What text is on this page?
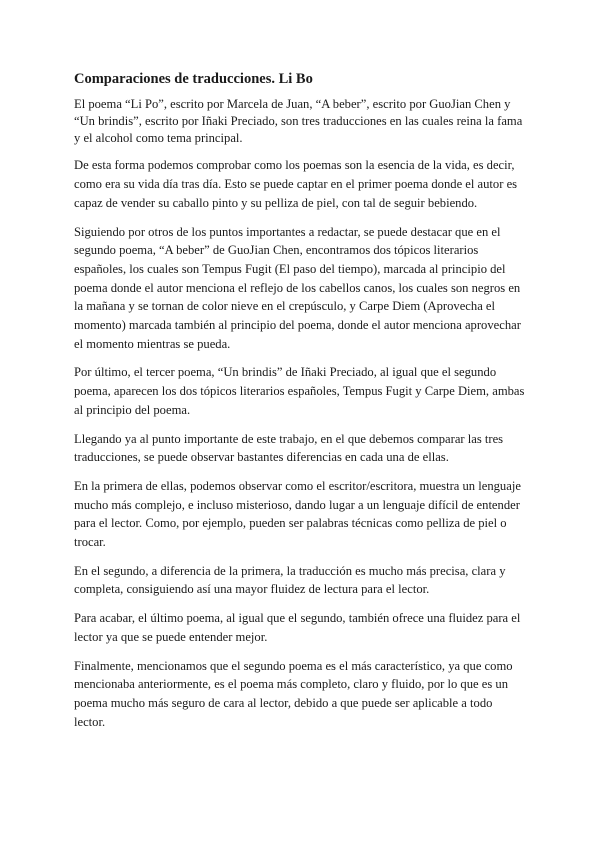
Comparaciones de traducciones. Li Bo

El poema “Li Po”, escrito por Marcela de Juan, “A beber”, escrito por GuoJian Chen y “Un brindis”, escrito por Iñaki Preciado, son tres traducciones en las cuales reina la fama y el alcohol como tema principal.

De esta forma podemos comprobar como los poemas son la esencia de la vida, es decir, como era su vida día tras día. Esto se puede captar en el primer poema donde el autor es capaz de vender su caballo pinto y su pelliza de piel, con tal de seguir bebiendo.

Siguiendo por otros de los puntos importantes a redactar, se puede destacar que en el segundo poema, “A beber” de GuoJian Chen, encontramos dos tópicos literarios españoles, los cuales son Tempus Fugit (El paso del tiempo), marcada al principio del poema donde el autor menciona el reflejo de los cabellos canos, los cuales son negros en la mañana y se tornan de color nieve en el crepúsculo, y Carpe Diem (Aprovecha el momento) marcada también al principio del poema, donde el autor menciona aprovechar el momento mientras se pueda.

Por último, el tercer poema, “Un brindis” de Iñaki Preciado, al igual que el segundo poema, aparecen los dos tópicos literarios españoles, Tempus Fugit y Carpe Diem, ambas al principio del poema.

Llegando ya al punto importante de este trabajo, en el que debemos comparar las tres traducciones, se puede observar bastantes diferencias en cada una de ellas.

En la primera de ellas, podemos observar como el escritor/escritora, muestra un lenguaje mucho más complejo, e incluso misterioso, dando lugar a un lenguaje difícil de entender para el lector. Como, por ejemplo, pueden ser palabras técnicas como pelliza de piel o trocar.

En el segundo, a diferencia de la primera, la traducción es mucho más precisa, clara y completa, consiguiendo así una mayor fluidez de lectura para el lector.

Para acabar, el último poema, al igual que el segundo, también ofrece una fluidez para el lector ya que se puede entender mejor.

Finalmente, mencionamos que el segundo poema es el más característico, ya que como mencionaba anteriormente, es el poema más completo, claro y fluido, por lo que es un poema mucho más seguro de cara al lector, debido a que puede ser aplicable a todo lector.
